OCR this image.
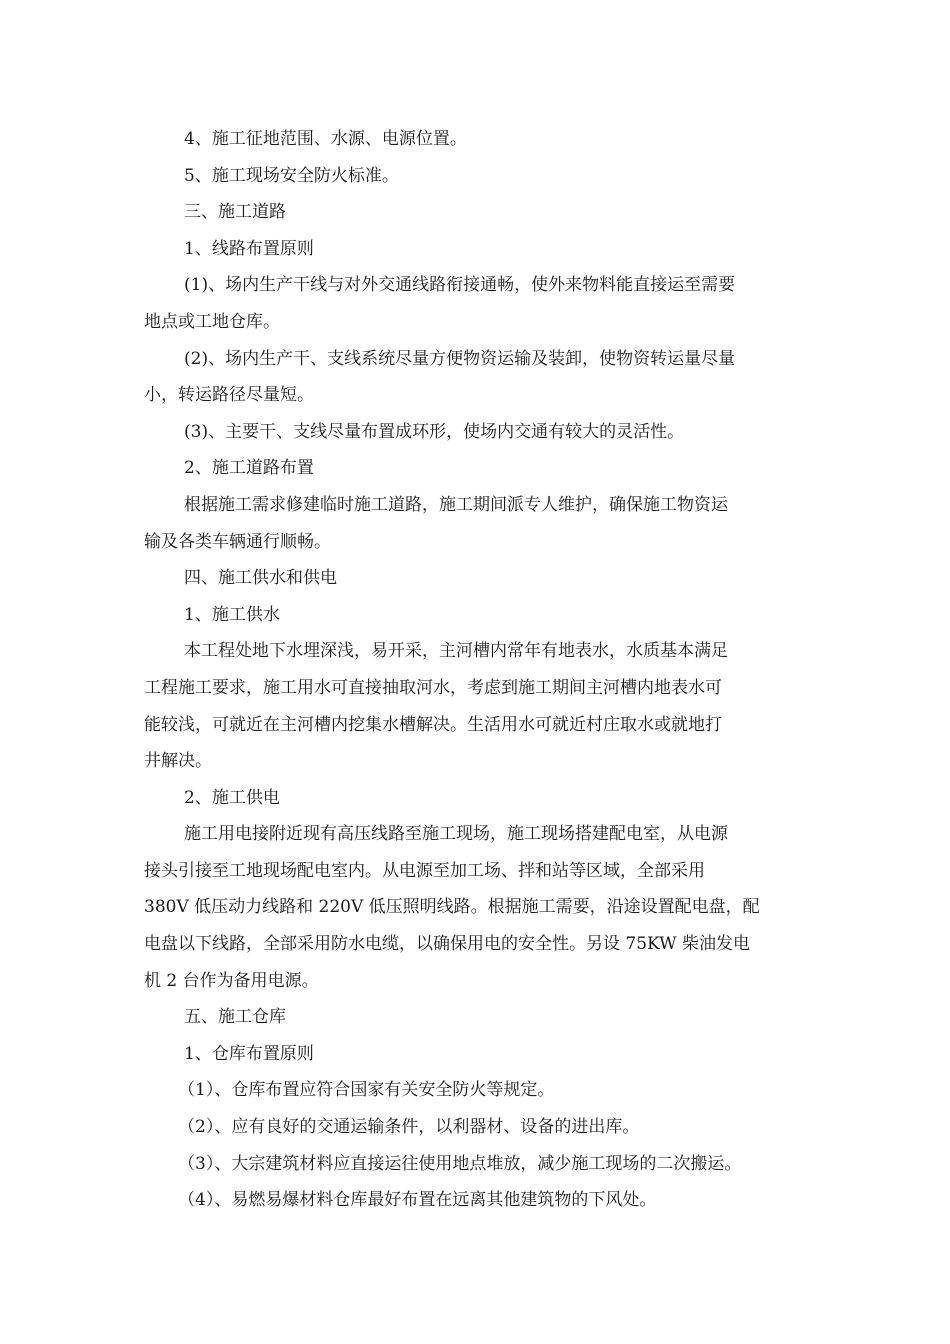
4、施工征地范围、水源、电源位置。
5、施工现场安全防火标准。
三、施工道路
1、线路布置原则
(1)、场内生产干线与对外交通线路衔接通畅，使外来物料能直接运至需要
地点或工地仓库。
(2)、场内生产干、支线系统尽量方便物资运输及装卸，使物资转运量尽量
小，转运路径尽量短。
(3)、主要干、支线尽量布置成环形，使场内交通有较大的灵活性。
2、施工道路布置
根据施工需求修建临时施工道路，施工期间派专人维护，确保施工物资运
输及各类车辆通行顺畅。
四、施工供水和供电
1、施工供水
本工程处地下水埋深浅，易开采，主河槽内常年有地表水，水质基本满足
工程施工要求，施工用水可直接抽取河水，考虑到施工期间主河槽内地表水可
能较浅，可就近在主河槽内挖集水槽解决。生活用水可就近村庄取水或就地打
井解决。
2、施工供电
施工用电接附近现有高压线路至施工现场，施工现场搭建配电室，从电源
接头引接至工地现场配电室内。从电源至加工场、拌和站等区域，全部采用
380V 低压动力线路和 220V 低压照明线路。根据施工需要，沿途设置配电盘，配
电盘以下线路，全部采用防水电缆，以确保用电的安全性。另设 75KW 柴油发电
机 2 台作为备用电源。
五、施工仓库
1、仓库布置原则
（1）、仓库布置应符合国家有关安全防火等规定。
（2）、应有良好的交通运输条件，以利器材、设备的进出库。
（3）、大宗建筑材料应直接运往使用地点堆放，减少施工现场的二次搬运。
（4）、易燃易爆材料仓库最好布置在远离其他建筑物的下风处。
